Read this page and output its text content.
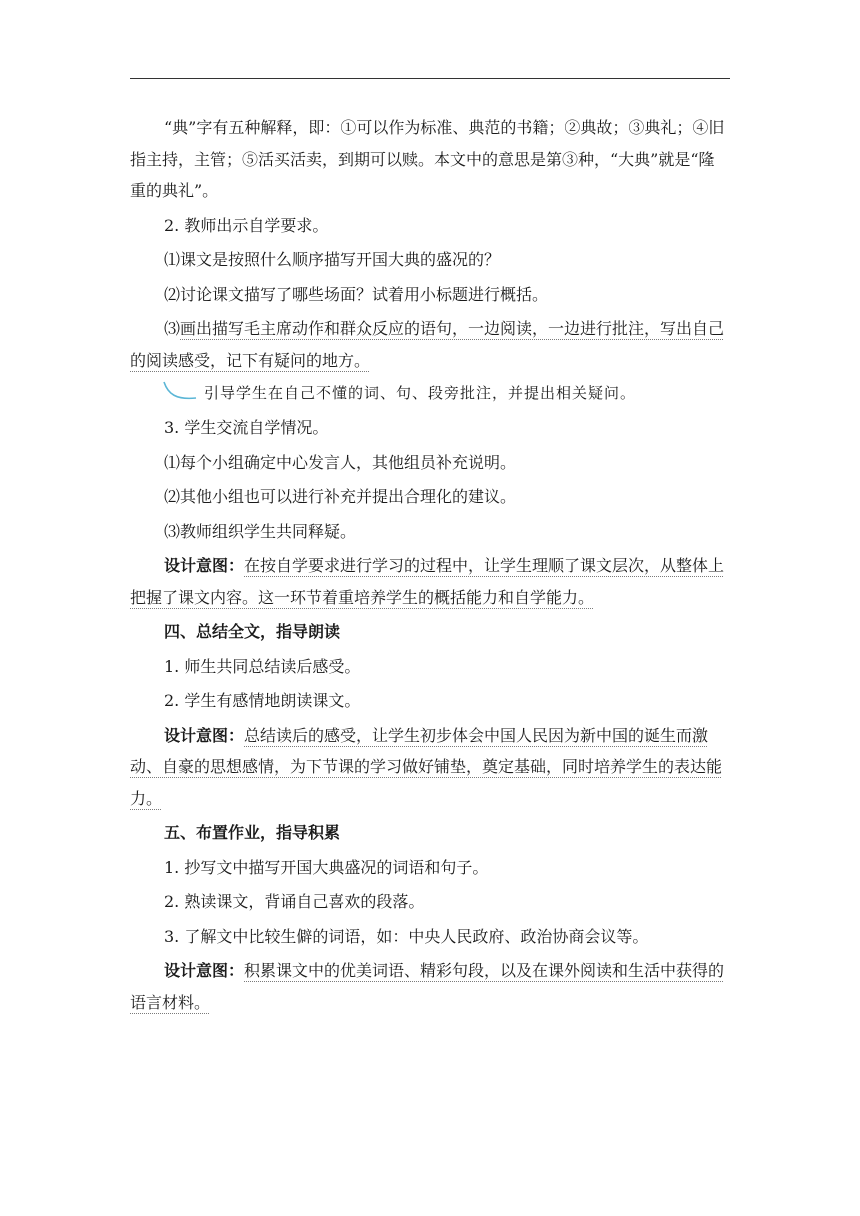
“典”字有五种解释，即：①可以作为标准、典范的书籍；②典故；③典礼；④旧指主持，主管；⑤活买活卖，到期可以赎。本文中的意思是第③种，“大典”就是“隆重的典礼”。

2. 教师出示自学要求。

⑴课文是按照什么顺序描写开国大典的盛况的？

⑵讨论课文描写了哪些场面？试着用小标题进行概括。

⑶画出描写毛主席动作和群众反应的语句，一边阅读，一边进行批注，写出自己的阅读感受，记下有疑问的地方。

引导学生在自己不懂的词、句、段旁批注，并提出相关疑问。

3. 学生交流自学情况。

⑴每个小组确定中心发言人，其他组员补充说明。

⑵其他小组也可以进行补充并提出合理化的建议。

⑶教师组织学生共同释疑。

设计意图：在按自学要求进行学习的过程中，让学生理顺了课文层次，从整体上把握了课文内容。这一环节着重培养学生的概括能力和自学能力。

四、总结全文，指导朗读

1. 师生共同总结读后感受。

2. 学生有感情地朗读课文。

设计意图：总结读后的感受，让学生初步体会中国人民因为新中国的诞生而激动、自豪的思想感情，为下节课的学习做好铺垫，奠定基础，同时培养学生的表达能力。

五、布置作业，指导积累

1. 抄写文中描写开国大典盛况的词语和句子。

2. 熟读课文，背诵自己喜欢的段落。

3. 了解文中比较生僻的词语，如：中央人民政府、政治协商会议等。

设计意图：积累课文中的优美词语、精彩句段，以及在课外阅读和生活中获得的语言材料。
